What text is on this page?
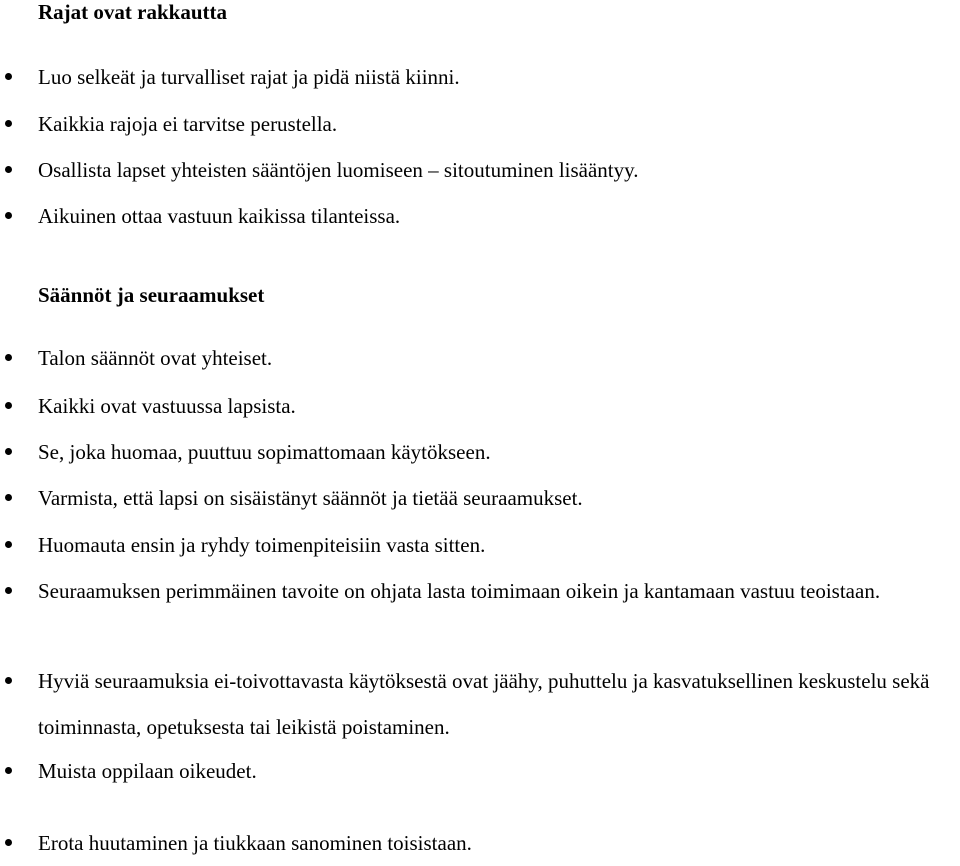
Rajat ovat rakkautta
Luo selkeät ja turvalliset rajat ja pidä niistä kiinni.
Kaikkia rajoja ei tarvitse perustella.
Osallista lapset yhteisten sääntöjen luomiseen – sitoutuminen lisääntyy.
Aikuinen ottaa vastuun kaikissa tilanteissa.
Säännöt ja seuraamukset
Talon säännöt ovat yhteiset.
Kaikki ovat vastuussa lapsista.
Se, joka huomaa, puuttuu sopimattomaan käytökseen.
Varmista, että lapsi on sisäistänyt säännöt ja tietää seuraamukset.
Huomauta ensin ja ryhdy toimenpiteisiin vasta sitten.
Seuraamuksen perimmäinen tavoite on ohjata lasta toimimaan oikein ja kantamaan vastuu teoistaan.
Hyviä seuraamuksia ei-toivottavasta käytöksestä ovat jäähy, puhuttelu ja kasvatuksellinen keskustelu sekä toiminnasta, opetuksesta tai leikistä poistaminen.
Muista oppilaan oikeudet.
Erota huutaminen ja tiukkaan sanominen toisistaan.
